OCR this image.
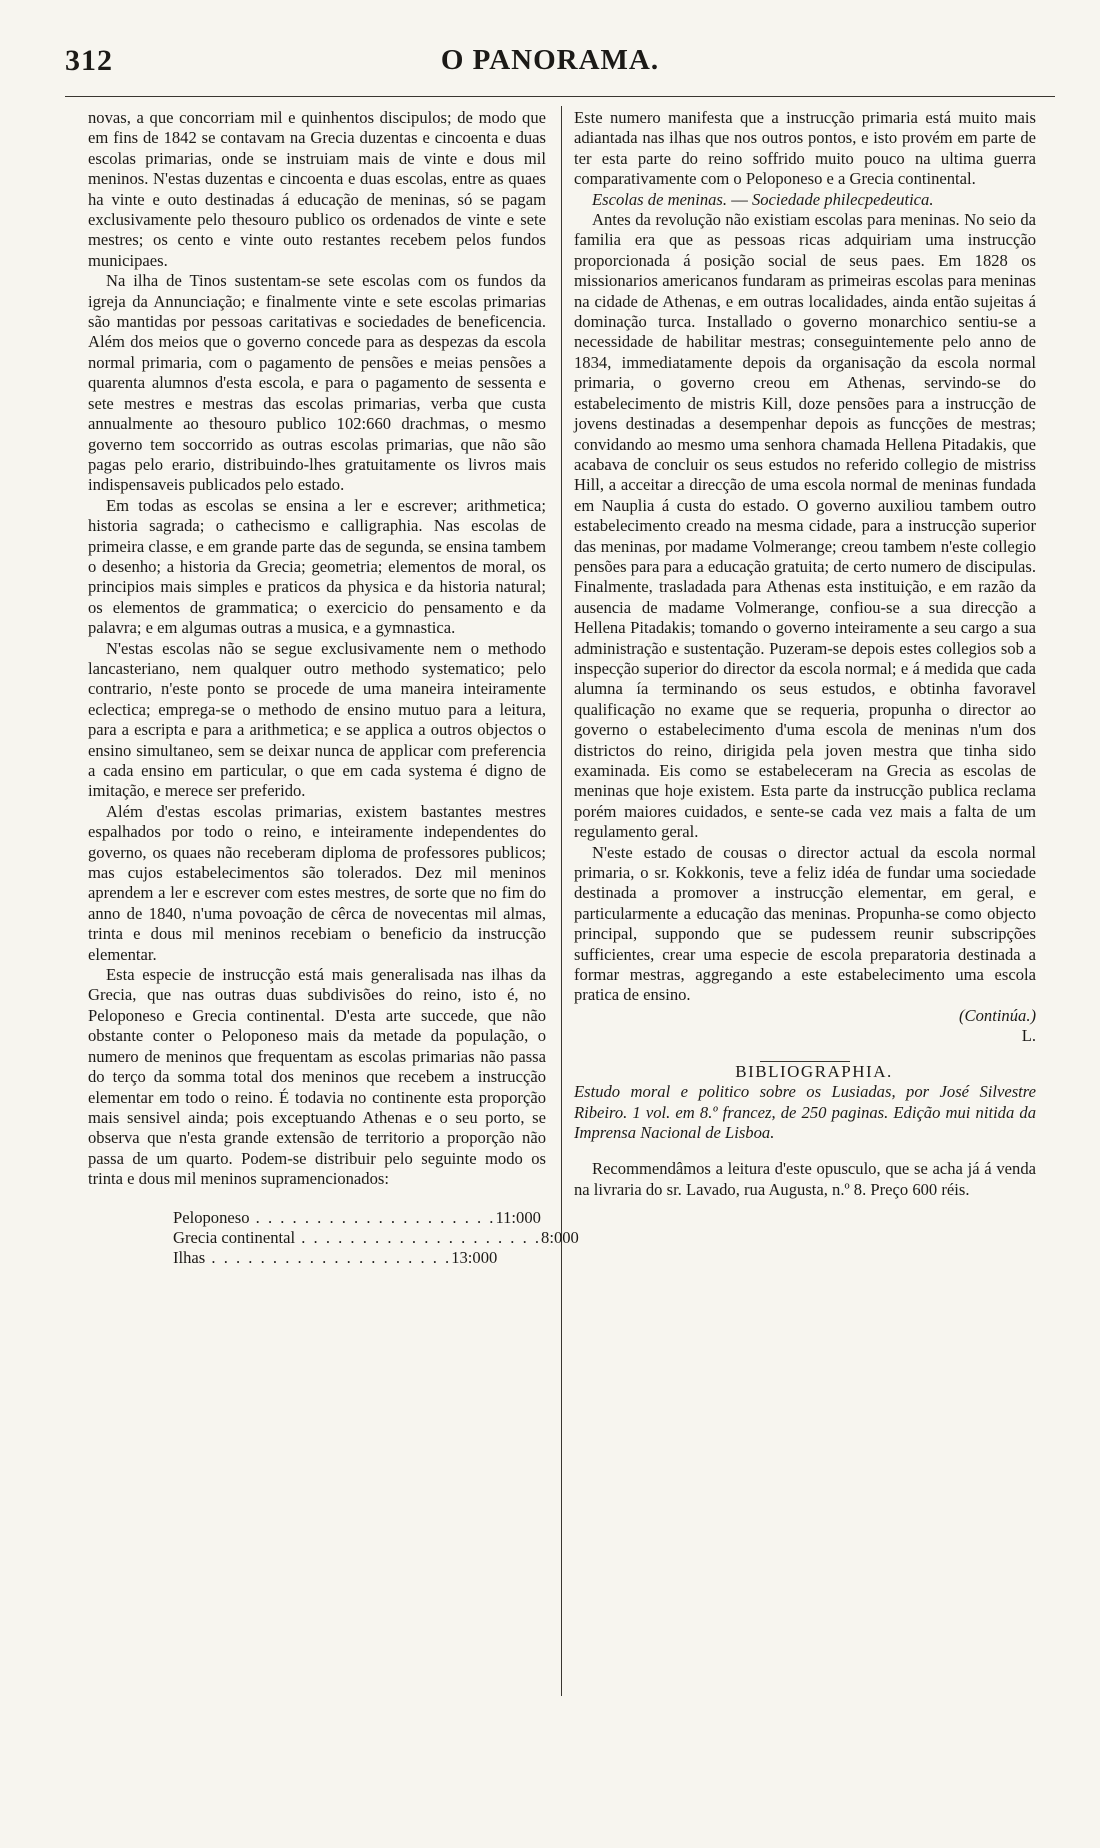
312	O PANORAMA.

novas, a que concorriam mil e quinhentos discipulos; de modo que em fins de 1842 se contavam na Grecia duzentas e cincoenta e duas escolas primarias, onde se instruiam mais de vinte e dous mil meninos. N'estas duzentas e cincoenta e duas escolas, entre as quaes ha vinte e outo destinadas á educação de meninas, só se pagam exclusivamente pelo thesouro publico os ordenados de vinte e sete mestres; os cento e vinte outo restantes recebem pelos fundos municipaes.

Na ilha de Tinos sustentam-se sete escolas com os fundos da igreja da Annunciação; e finalmente vinte e sete escolas primarias são mantidas por pessoas caritativas e sociedades de beneficencia. Além dos meios que o governo concede para as despezas da escola normal primaria, com o pagamento de pensões e meias pensões a quarenta alumnos d'esta escola, e para o pagamento de sessenta e sete mestres e mestras das escolas primarias, verba que custa annualmente ao thesouro publico 102:660 drachmas, o mesmo governo tem soccorrido as outras escolas primarias, que não são pagas pelo erario, distribuindo-lhes gratuitamente os livros mais indispensaveis publicados pelo estado.

Em todas as escolas se ensina a ler e escrever; arithmetica; historia sagrada; o cathecismo e calligraphia. Nas escolas de primeira classe, e em grande parte das de segunda, se ensina tambem o desenho; a historia da Grecia; geometria; elementos de moral, os principios mais simples e praticos da physica e da historia natural; os elementos de grammatica; o exercicio do pensamento e da palavra; e em algumas outras a musica, e a gymnastica.

N'estas escolas não se segue exclusivamente nem o methodo lancasteriano, nem qualquer outro methodo systematico; pelo contrario, n'este ponto se procede de uma maneira inteiramente eclectica; emprega-se o methodo de ensino mutuo para a leitura, para a escripta e para a arithmetica; e se applica a outros objectos o ensino simultaneo, sem se deixar nunca de applicar com preferencia a cada ensino em particular, o que em cada systema é digno de imitação, e merece ser preferido.

Além d'estas escolas primarias, existem bastantes mestres espalhados por todo o reino, e inteiramente independentes do governo, os quaes não receberam diploma de professores publicos; mas cujos estabelecimentos são tolerados. Dez mil meninos aprendem a ler e escrever com estes mestres, de sorte que no fim do anno de 1840, n'uma povoação de cêrca de novecentas mil almas, trinta e dous mil meninos recebiam o beneficio da instrucção elementar.

Esta especie de instrucção está mais generalisada nas ilhas da Grecia, que nas outras duas subdivisões do reino, isto é, no Peloponeso e Grecia continental. D'esta arte succede, que não obstante conter o Peloponeso mais da metade da população, o numero de meninos que frequentam as escolas primarias não passa do terço da somma total dos meninos que recebem a instrucção elementar em todo o reino. É todavia no continente esta proporção mais sensivel ainda; pois exceptuando Athenas e o seu porto, se observa que n'esta grande extensão de territorio a proporção não passa de um quarto. Podem-se distribuir pelo seguinte modo os trinta e dous mil meninos supramencionados:

Peloponeso . . . . . . . . . . . . . . . . . . . . 11:000
Grecia continental . . . . . . . . . . . . . . . . . . . . 8:000
Ilhas . . . . . . . . . . . . . . . . . . . . 13:000

Este numero manifesta que a instrucção primaria está muito mais adiantada nas ilhas que nos outros pontos, e isto provém em parte de ter esta parte do reino soffrido muito pouco na ultima guerra comparativamente com o Peloponeso e a Grecia continental.

Escolas de meninas. — Sociedade philecpedeutica.

Antes da revolução não existiam escolas para meninas. No seio da familia era que as pessoas ricas adquiriam uma instrucção proporcionada á posição social de seus paes. Em 1828 os missionarios americanos fundaram as primeiras escolas para meninas na cidade de Athenas, e em outras localidades, ainda então sujeitas á dominação turca. Installado o governo monarchico sentiu-se a necessidade de habilitar mestras; conseguintemente pelo anno de 1834, immediatamente depois da organisação da escola normal primaria, o governo creou em Athenas, servindo-se do estabelecimento de mistris Kill, doze pensões para a instrucção de jovens destinadas a desempenhar depois as funcções de mestras; convidando ao mesmo uma senhora chamada Hellena Pitadakis, que acabava de concluir os seus estudos no referido collegio de mistriss Hill, a acceitar a direcção de uma escola normal de meninas fundada em Nauplia á custa do estado. O governo auxiliou tambem outro estabelecimento creado na mesma cidade, para a instrucção superior das meninas, por madame Volmerange; creou tambem n'este collegio pensões para para a educação gratuita; de certo numero de discipulas. Finalmente, trasladada para Athenas esta instituição, e em razão da ausencia de madame Volmerange, confiou-se a sua direcção a Hellena Pitadakis; tomando o governo inteiramente a seu cargo a sua administração e sustentação. Puzeram-se depois estes collegios sob a inspecção superior do director da escola normal; e á medida que cada alumna ía terminando os seus estudos, e obtinha favoravel qualificação no exame que se requeria, propunha o director ao governo o estabelecimento d'uma escola de meninas n'um dos districtos do reino, dirigida pela joven mestra que tinha sido examinada. Eis como se estabeleceram na Grecia as escolas de meninas que hoje existem. Esta parte da instrucção publica reclama porém maiores cuidados, e sente-se cada vez mais a falta de um regulamento geral.

N'este estado de cousas o director actual da escola normal primaria, o sr. Kokkonis, teve a feliz idéa de fundar uma sociedade destinada a promover a instrucção elementar, em geral, e particularmente a educação das meninas. Propunha-se como objecto principal, suppondo que se pudessem reunir subscripções sufficientes, crear uma especie de escola preparatoria destinada a formar mestras, aggregando a este estabelecimento uma escola pratica de ensino.

(Continúa.)

L.

BIBLIOGRAPHIA.

Estudo moral e politico sobre os Lusiadas, por José Silvestre Ribeiro. 1 vol. em 8.º francez, de 250 paginas. Edição mui nitida da Imprensa Nacional de Lisboa.

Recommendâmos a leitura d'este opusculo, que se acha já á venda na livraria do sr. Lavado, rua Augusta, n.º 8. Preço 600 réis.
